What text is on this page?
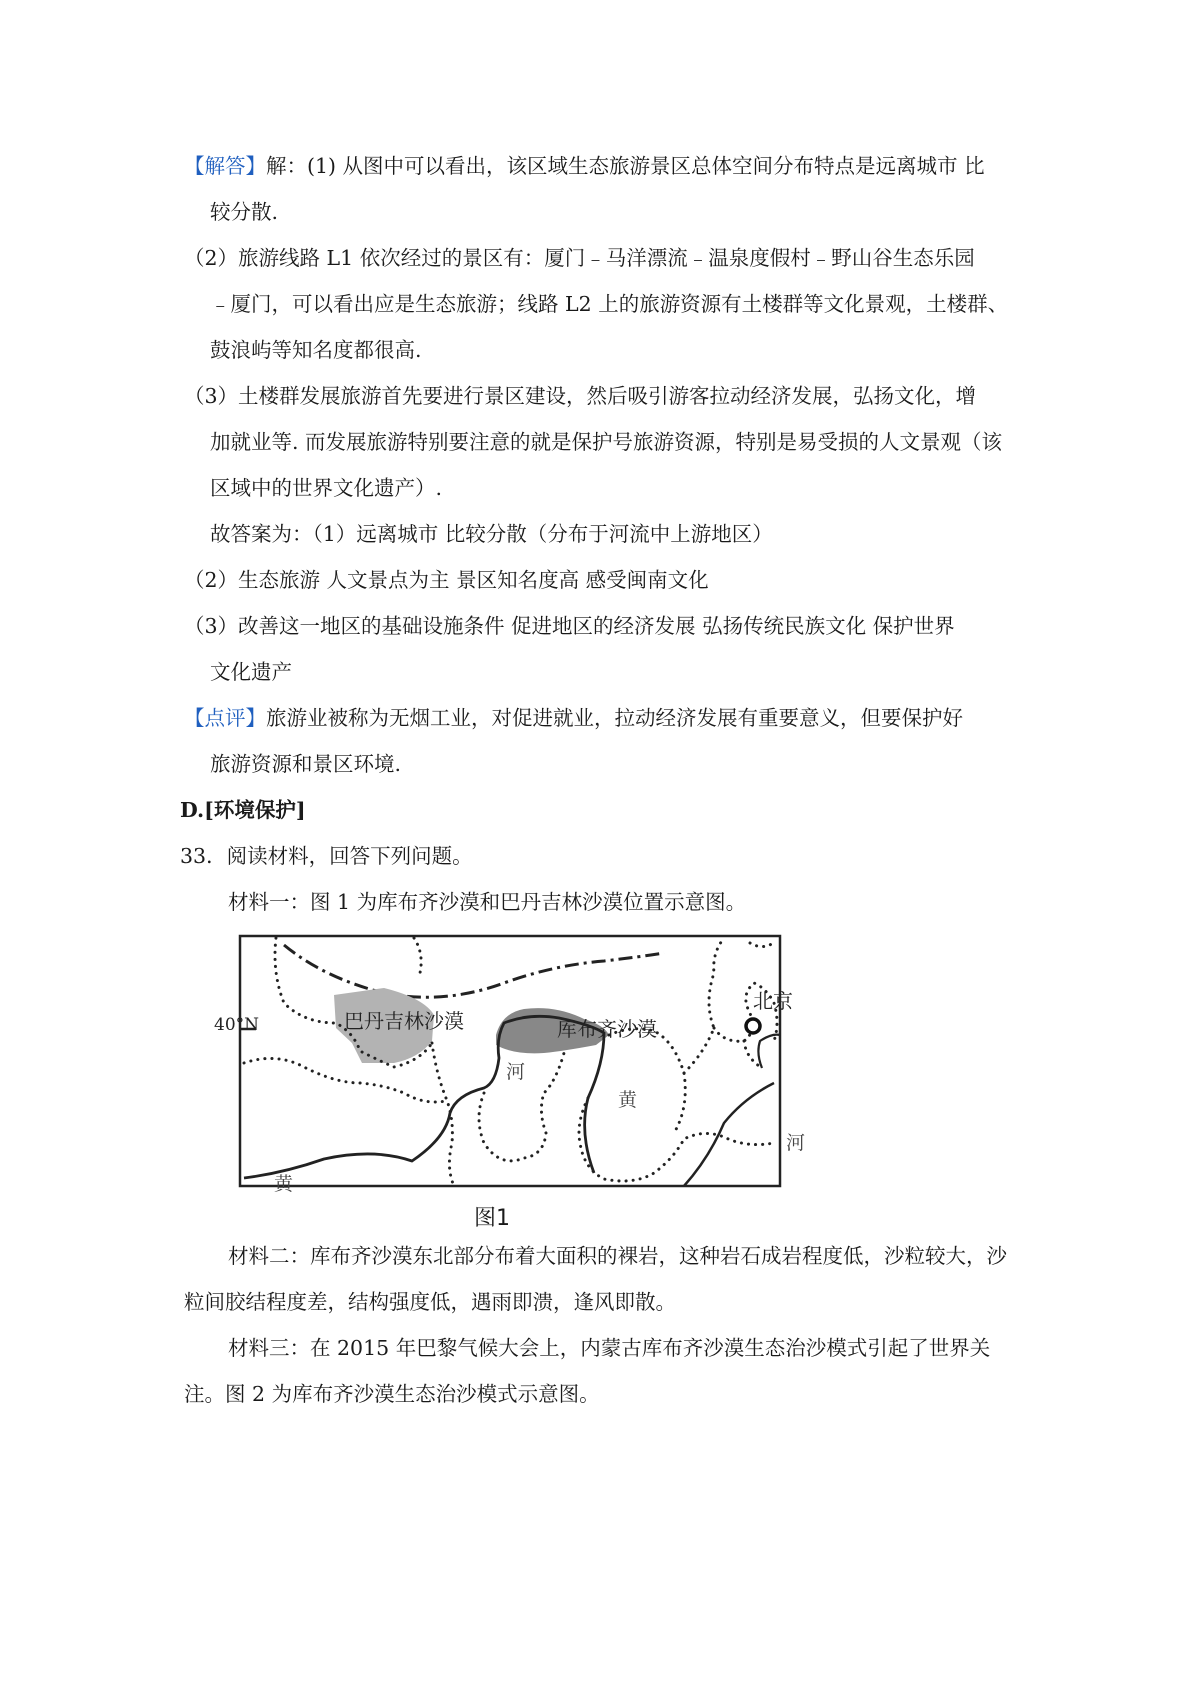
【解答】解：(1) 从图中可以看出，该区域生态旅游景区总体空间分布特点是远离城市 比

较分散.

（2）旅游线路 L1 依次经过的景区有：厦门﹣马洋漂流﹣温泉度假村﹣野山谷生态乐园

﹣厦门，可以看出应是生态旅游；线路 L2 上的旅游资源有土楼群等文化景观，土楼群、

鼓浪屿等知名度都很高.

（3）土楼群发展旅游首先要进行景区建设，然后吸引游客拉动经济发展，弘扬文化，增

加就业等. 而发展旅游特别要注意的就是保护号旅游资源，特别是易受损的人文景观（该

区域中的世界文化遗产）.

故答案为：（1）远离城市 比较分散（分布于河流中上游地区）

（2）生态旅游 人文景点为主 景区知名度高 感受闽南文化

（3）改善这一地区的基础设施条件 促进地区的经济发展 弘扬传统民族文化 保护世界

文化遗产

【点评】旅游业被称为无烟工业，对促进就业，拉动经济发展有重要意义，但要保护好

旅游资源和景区环境.

D.[环境保护]

33．阅读材料，回答下列问题。

材料一：图 1 为库布齐沙漠和巴丹吉林沙漠位置示意图。

40°N	巴丹吉林沙漠	库布齐沙漠
北京
河
黄
河
黄
图1

材料二：库布齐沙漠东北部分布着大面积的裸岩，这种岩石成岩程度低，沙粒较大，沙粒间胶结程度差，结构强度低，遇雨即溃，逢风即散。

材料三：在 2015 年巴黎气候大会上，内蒙古库布齐沙漠生态治沙模式引起了世界关注。图 2 为库布齐沙漠生态治沙模式示意图。
